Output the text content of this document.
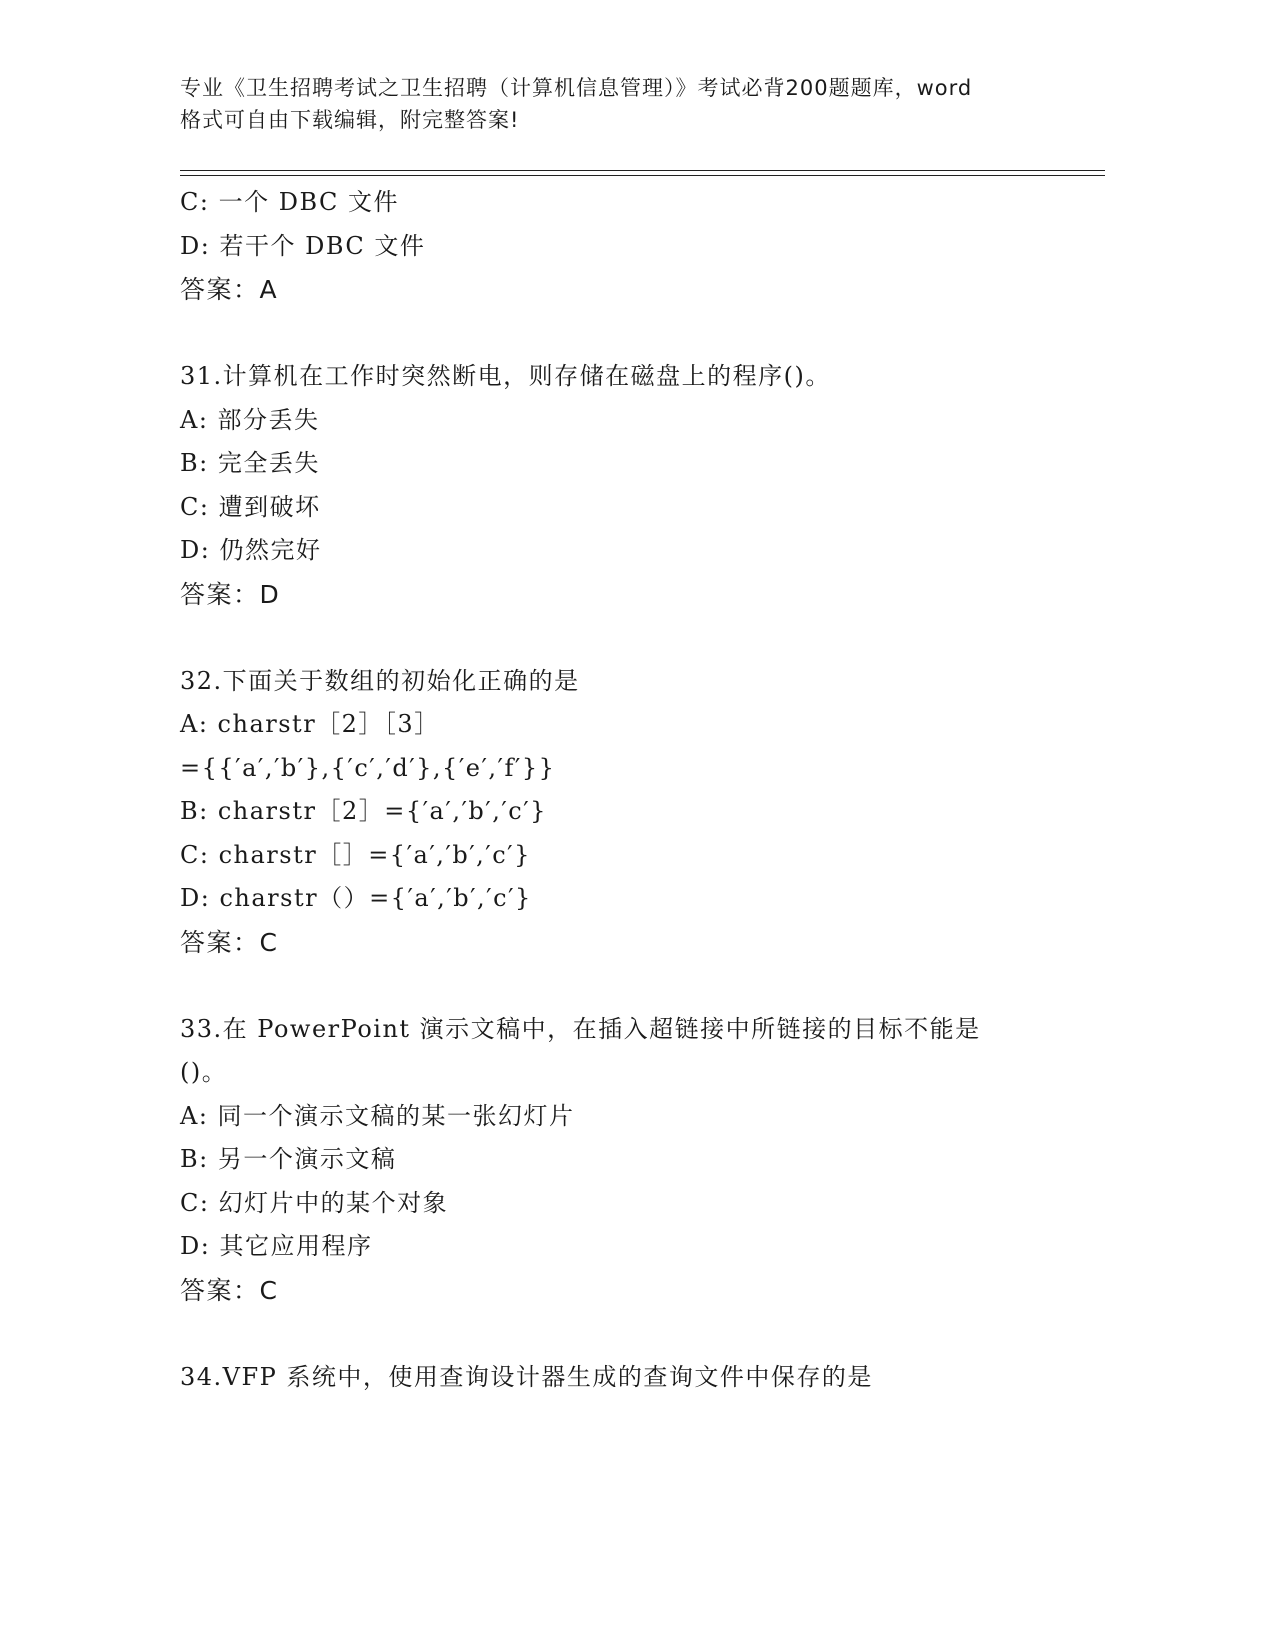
专业《卫生招聘考试之卫生招聘（计算机信息管理）》考试必背200题题库，word
格式可自由下载编辑，附完整答案!
C: 一个 DBC 文件
D: 若干个 DBC 文件
答案：A
31.计算机在工作时突然断电，则存储在磁盘上的程序()。
A: 部分丢失
B: 完全丢失
C: 遭到破坏
D: 仍然完好
答案：D
32.下面关于数组的初始化正确的是
A: charstr［2］［3］
={{′a′,′b′},{′c′,′d′},{′e′,′f′}}
B: charstr［2］={′a′,′b′,′c′}
C: charstr［］={′a′,′b′,′c′}
D: charstr（）={′a′,′b′,′c′}
答案：C
33.在 PowerPoint 演示文稿中，在插入超链接中所链接的目标不能是
()。
A: 同一个演示文稿的某一张幻灯片
B: 另一个演示文稿
C: 幻灯片中的某个对象
D: 其它应用程序
答案：C
34.VFP 系统中，使用查询设计器生成的查询文件中保存的是
